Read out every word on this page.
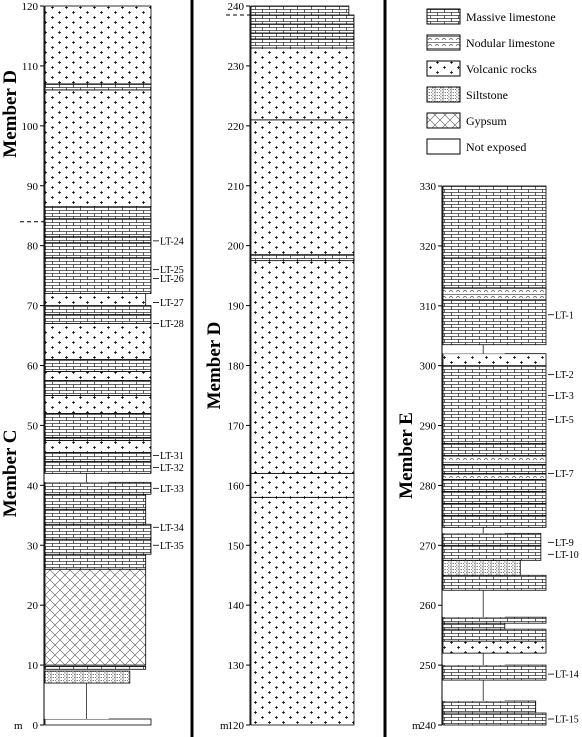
Massive limestone
Nodular limestone
Volcanic rocks
Siltstone
Gypsum
Not exposed
0
10
20
30
40
50
60
70
80
90
100
110
120
m
Member D
Member C
LT-35
LT-34
LT-33
LT-32
LT-31
LT-28
LT-27
LT-26
LT-25
LT-24
120
130
140
150
160
170
180
190
200
210
220
230
240
m
Member D
240
250
260
270
280
290
300
310
320
330
m
Member E
LT-15
LT-14
LT-10
LT-9
LT-7
LT-5
LT-3
LT-2
LT-1
